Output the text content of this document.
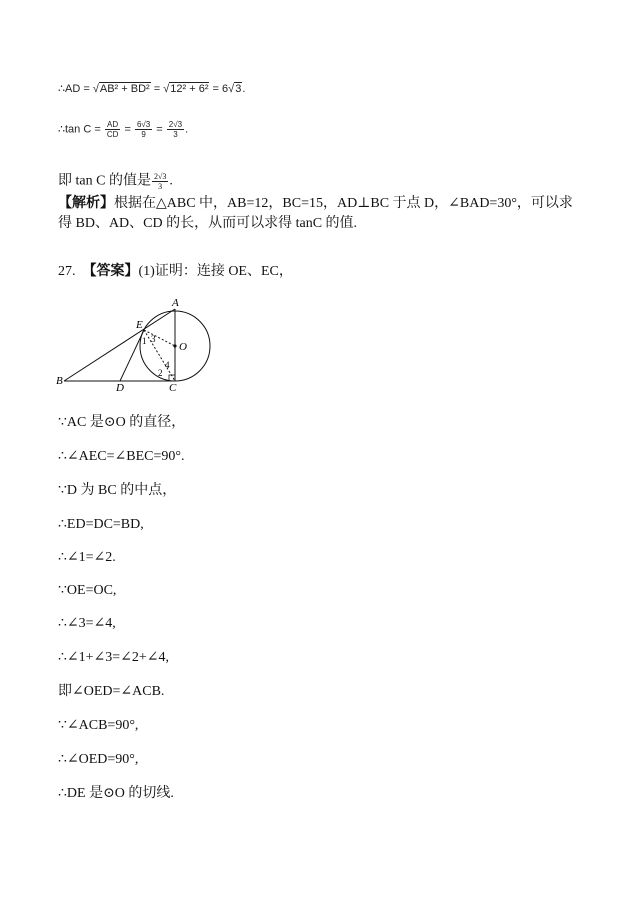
∴AD = √AB² + BD² = √12² + 6² = 6√3.
∴tan $C = \frac{AD}{CD} = \frac{6√3}{9} = \frac{2√3}{3}$ .
即 tan C 的值是 $\frac{2√3}{3}$ .
【解析】根据在△ABC 中，AB=12，BC=15，AD⊥BC 于点 D，∠BAD=30°，可以求得 BD、AD、CD 的长，从而可以求得 tanC 的值.
27. 【答案】(1)证明：连接 OE、EC，
A
E
O
B
D	C
1
2
3
4
∵AC 是⊙O 的直径，
∴∠AEC=∠BEC=90°.
∵D 为 BC 的中点，
∴ED=DC=BD,
∴∠1=∠2.
∵OE=OC,
∴∠3=∠4,
∴∠1+∠3=∠2+∠4,
即∠OED=∠ACB.
∵∠ACB=90°,
∴∠OED=90°,
∴DE 是⊙O 的切线.
